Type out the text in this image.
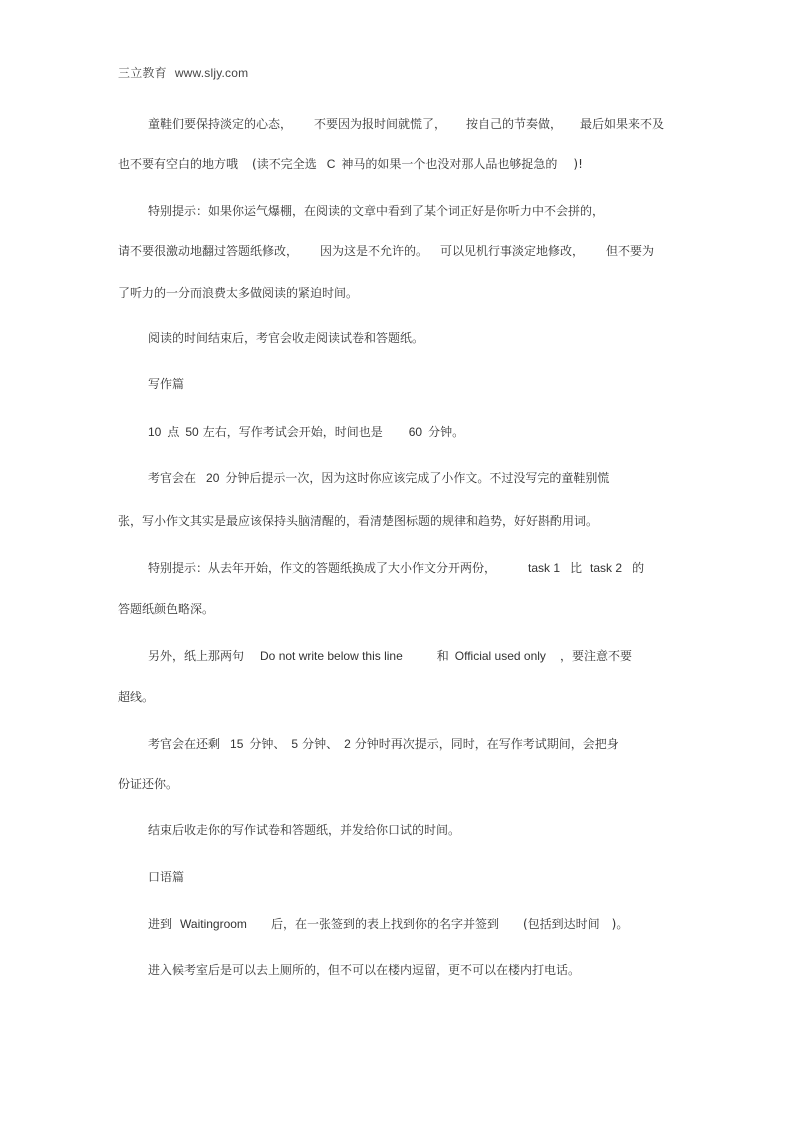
三立教育 www.sljy.com
童鞋们要保持淡定的心态， 不要因为报时间就慌了， 按自己的节奏做， 最后如果来不及
也不要有空白的地方哦 (读不完全选 C 神马的如果一个也没对那人品也够捉急的 )!
特别提示：如果你运气爆棚，在阅读的文章中看到了某个词正好是你听力中不会拼的，
请不要很激动地翻过答题纸修改， 因为这是不允许的。 可以见机行事淡定地修改， 但不要为
了听力的一分而浪费太多做阅读的紧迫时间。
阅读的时间结束后，考官会收走阅读试卷和答题纸。
写作篇
10 点 50 左右，写作考试会开始，时间也是 60 分钟。
考官会在 20 分钟后提示一次，因为这时你应该完成了小作文。不过没写完的童鞋别慌
张，写小作文其实是最应该保持头脑清醒的，看清楚图标题的规律和趋势，好好斟酌用词。
特别提示：从去年开始，作文的答题纸换成了大小作文分开两份，	task 1 比 task 2 的
答题纸颜色略深。
另外，纸上那两句 Do not write below this line	和 Official used only ，要注意不要
超线。
考官会在还剩 15 分钟、 5 分钟、 2 分钟时再次提示，同时，在写作考试期间，会把身
份证还你。
结束后收走你的写作试卷和答题纸，并发给你口试的时间。
口语篇
进到 Waitingroom 后，在一张签到的表上找到你的名字并签到 (包括到达时间 )。
进入候考室后是可以去上厕所的，但不可以在楼内逗留，更不可以在楼内打电话。
